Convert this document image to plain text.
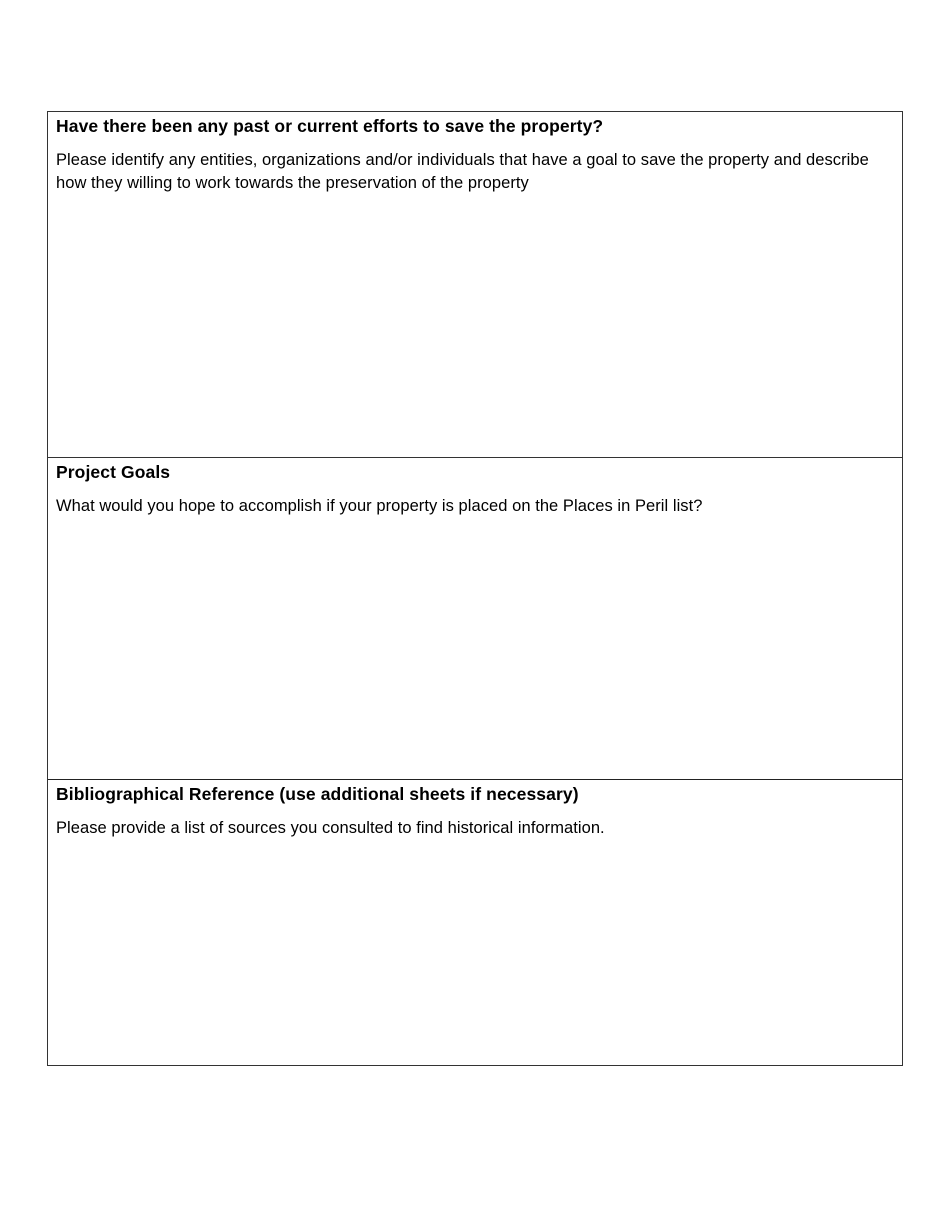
Have there been any past or current efforts to save the property?

Please identify any entities, organizations and/or individuals that have a goal to save the property and describe how they willing to work towards the preservation of the property

Project Goals

What would you hope to accomplish if your property is placed on the Places in Peril list?

Bibliographical Reference (use additional sheets if necessary)

Please provide a list of sources you consulted to find historical information.
